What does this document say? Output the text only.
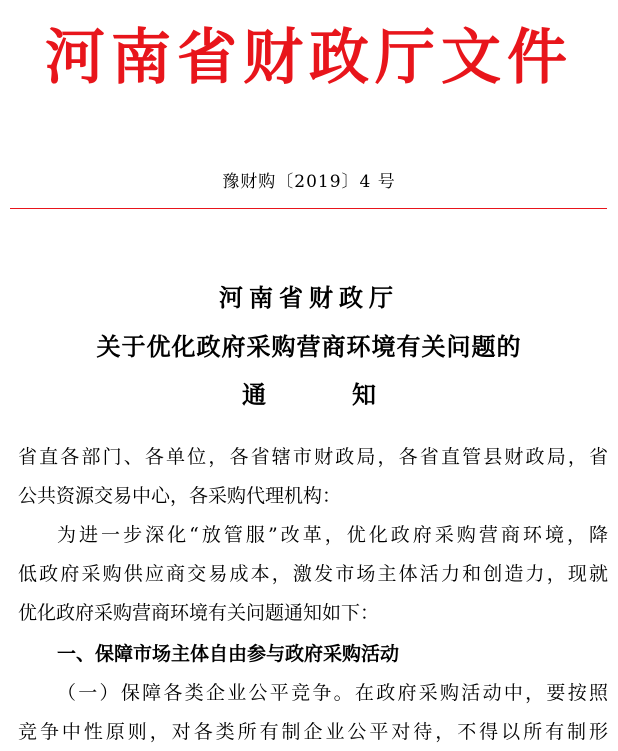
河南省财政厅文件
豫财购〔2019〕4 号
河南省财政厅
关于优化政府采购营商环境有关问题的
通	知
省直各部门、各单位，各省辖市财政局，各省直管县财政局，省
公共资源交易中心，各采购代理机构：
为进一步深化“放管服”改革，优化政府采购营商环境，降
低政府采购供应商交易成本，激发市场主体活力和创造力，现就
优化政府采购营商环境有关问题通知如下：
一、保障市场主体自由参与政府采购活动
（一）保障各类企业公平竞争。在政府采购活动中，要按照
竞争中性原则，对各类所有制企业公平对待，不得以所有制形
